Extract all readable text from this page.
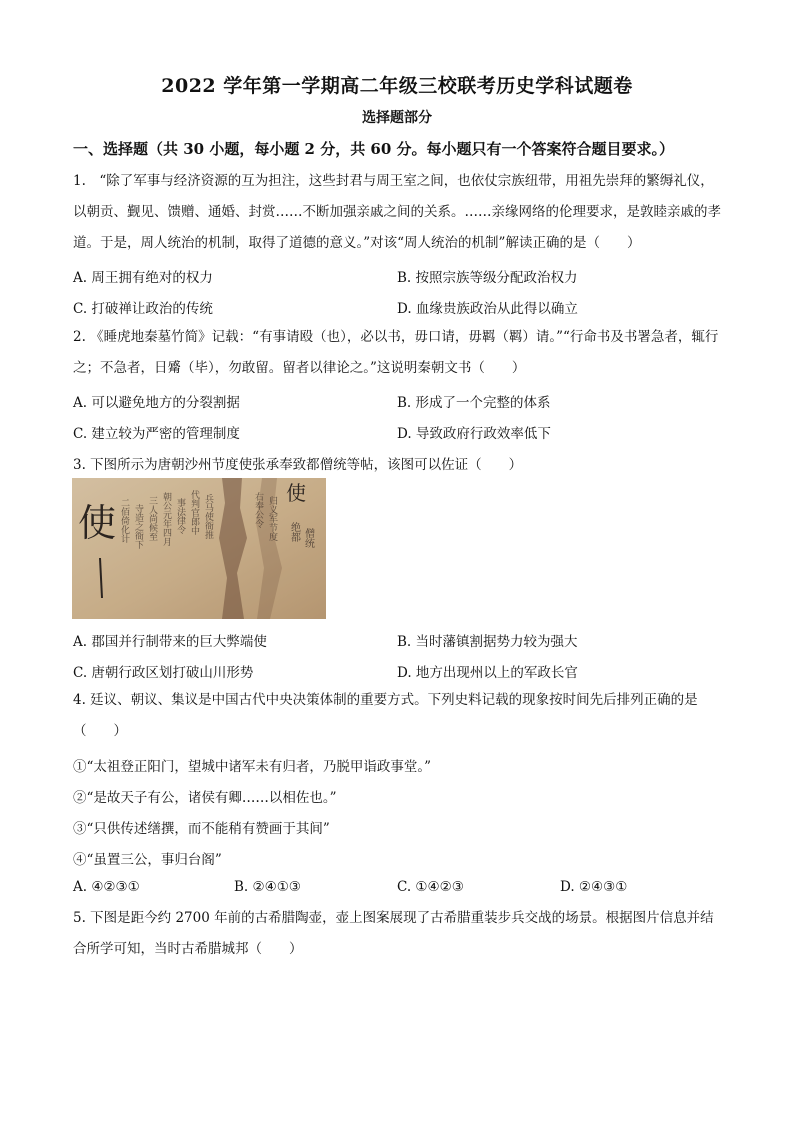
2022 学年第一学期高二年级三校联考历史学科试题卷
选择题部分
一、选择题（共 30 小题，每小题 2 分，共 60 分。每小题只有一个答案符合题目要求。）
1.　“除了军事与经济资源的互为担注，这些封君与周王室之间，也依仗宗族纽带，用祖先崇拜的繁缛礼仪，以朝贡、觐见、馈赠、通婚、封赏……不断加强亲戚之间的关系。……亲缘网络的伦理要求，是敦睦亲戚的孝道。于是，周人统治的机制，取得了道德的意义。”对该“周人统治的机制”解读正确的是（　　）
A. 周王拥有绝对的权力	B. 按照宗族等级分配政治权力
C. 打破禅让政治的传统	D. 血缘贵族政治从此得以确立
2. 《睡虎地秦墓竹简》记载：“有事请殴（也），必以书，毋口请，毋羁（羁）请。”“行命书及书署急者，辄行之；不急者，日觱（毕），勿敢留。留者以律论之。”这说明秦朝文书（　　）
A. 可以避免地方的分裂割据	B. 形成了一个完整的体系
C. 建立较为严密的管理制度	D. 导致政府行政效率低下
3. 下图所示为唐朝沙州节度使张承奉致都僧统等帖，该图可以佐证（　　）
使 二佰倚化计 寺造之衙下 三人尚候至 朝公元年四月 事法律令 代判官郎中 兵马使衙推	右奉公令 归义军节度
使
绝都 僧统
A. 郡国并行制带来的巨大弊端使	B. 当时藩镇割据势力较为强大
C. 唐朝行政区划打破山川形势	D. 地方出现州以上的军政长官
4. 廷议、朝议、集议是中国古代中央决策体制的重要方式。下列史料记载的现象按时间先后排列正确的是（　　）
①“太祖登正阳门，望城中诸军未有归者，乃脱甲诣政事堂。”
②“是故天子有公，诸侯有卿……以相佐也。”
③“只供传述缮撰，而不能稍有赞画于其间”
④“虽置三公，事归台阁”
A. ④②③①	B. ②④①③	C. ①④②③	D. ②④③①
5. 下图是距今约 2700 年前的古希腊陶壶，壶上图案展现了古希腊重装步兵交战的场景。根据图片信息并结合所学可知，当时古希腊城邦（　　）
